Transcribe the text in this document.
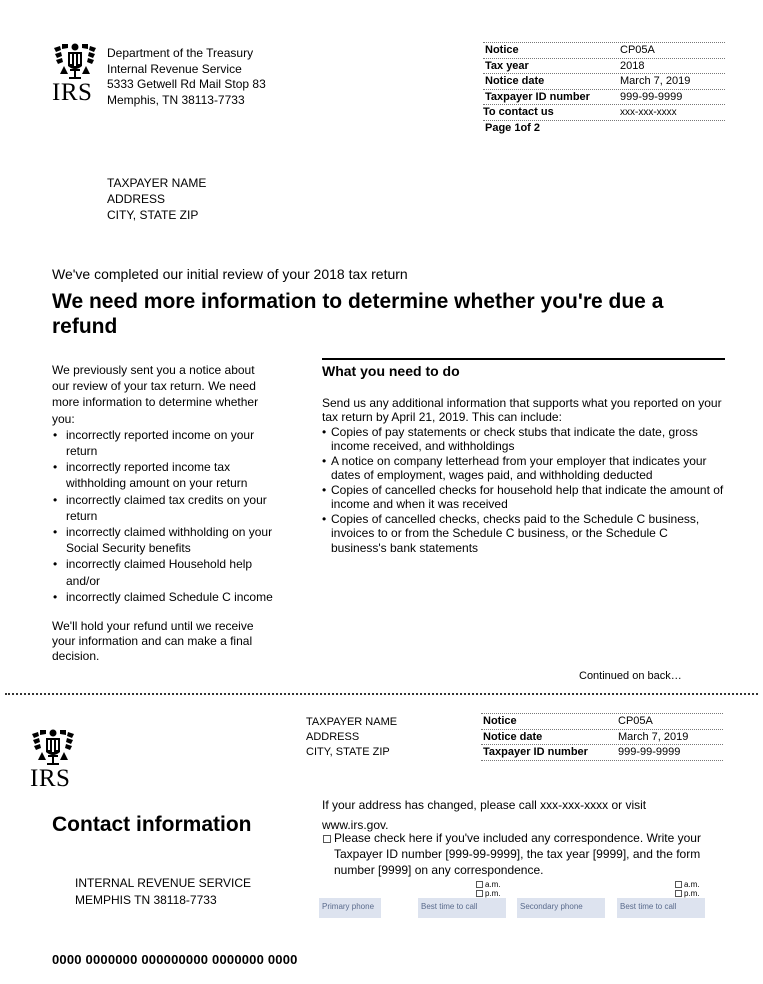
IRS
Department of the Treasury
Internal Revenue Service
5333 Getwell Rd Mail Stop 83
Memphis, TN 38113-7733
Notice	CP05A
Tax year	2018
Notice date	March 7, 2019
Taxpayer ID number	999-99-9999
To contact us	xxx-xxx-xxxx
Page 1of 2
TAXPAYER NAME
ADDRESS
CITY, STATE ZIP
We've completed our initial review of your 2018 tax return
We need more information to determine whether you're due a refund
We previously sent you a notice about our review of your tax return. We need more information to determine whether you:
• incorrectly reported income on your return
• incorrectly reported income tax withholding amount on your return
• incorrectly claimed tax credits on your return
• incorrectly claimed withholding on your Social Security benefits
• incorrectly claimed Household help and/or
• incorrectly claimed Schedule C income
We'll hold your refund until we receive your information and can make a final decision.
What you need to do
Send us any additional information that supports what you reported on your tax return by April 21, 2019. This can include:
• Copies of pay statements or check stubs that indicate the date, gross income received, and withholdings
• A notice on company letterhead from your employer that indicates your dates of employment, wages paid, and withholding deducted
• Copies of cancelled checks for household help that indicate the amount of income and when it was received
• Copies of cancelled checks, checks paid to the Schedule C business, invoices to or from the Schedule C business, or the Schedule C business's bank statements
Continued on back…
TAXPAYER NAME
ADDRESS
CITY, STATE ZIP
Notice	CP05A
Notice date	March 7, 2019
Taxpayer ID number	999-99-9999
IRS
Contact information
If your address has changed, please call xxx-xxx-xxxx or visit www.irs.gov.
Please check here if you've included any correspondence. Write your Taxpayer ID number [999-99-9999], the tax year [9999], and the form number [9999] on any correspondence.
INTERNAL REVENUE SERVICE
MEMPHIS TN 38118-7733
a.m.
p.m.
a.m.
p.m.
Primary phone	Best time to call	Secondary phone	Best time to call
0000 0000000 000000000 0000000 0000
